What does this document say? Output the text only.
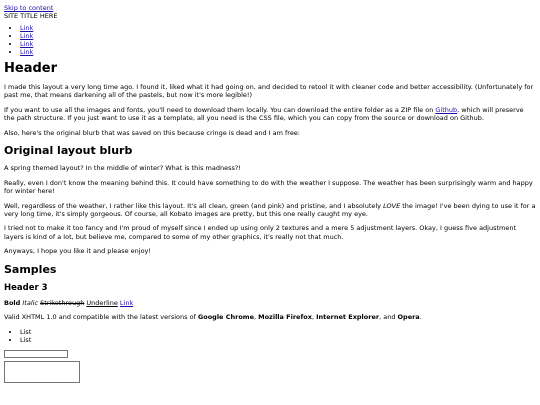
Skip to content
SITE TITLE HERE
• Link
• Link
• Link
• Link
Header

I made this layout a very long time ago. I found it, liked what it had going on, and decided to retool it with cleaner code and better accessibility. (Unfortunately for past me, that means darkening all of the pastels, but now it's more legible!)

If you want to use all the images and fonts, you'll need to download them locally. You can download the entire folder as a ZIP file on Github, which will preserve the path structure. If you just want to use it as a template, all you need is the CSS file, which you can copy from the source or download on Github.

Also, here's the original blurb that was saved on this because cringe is dead and I am free:

Original layout blurb

A spring themed layout? In the middle of winter? What is this madness?!

Really, even I don't know the meaning behind this. It could have something to do with the weather I suppose. The weather has been surprisingly warm and happy for winter here!

Well, regardless of the weather, I rather like this layout. It's all clean, green (and pink) and pristine, and I absolutely LOVE the image! I've been dying to use it for a very long time, it's simply gorgeous. Of course, all Kobato images are pretty, but this one really caught my eye.

I tried not to make it too fancy and I'm proud of myself since I ended up using only 2 textures and a mere 5 adjustment layers. Okay, I guess five adjustment layers is kind of a lot, but believe me, compared to some of my other graphics, it's really not that much.

Anyways, I hope you like it and please enjoy!

Samples
Header 3

Bold Italic Strikethrough Underline Link

Valid XHTML 1.0 and compatible with the latest versions of Google Chrome, Mozilla Firefox, Internet Explorer, and Opera.

• List
• List
